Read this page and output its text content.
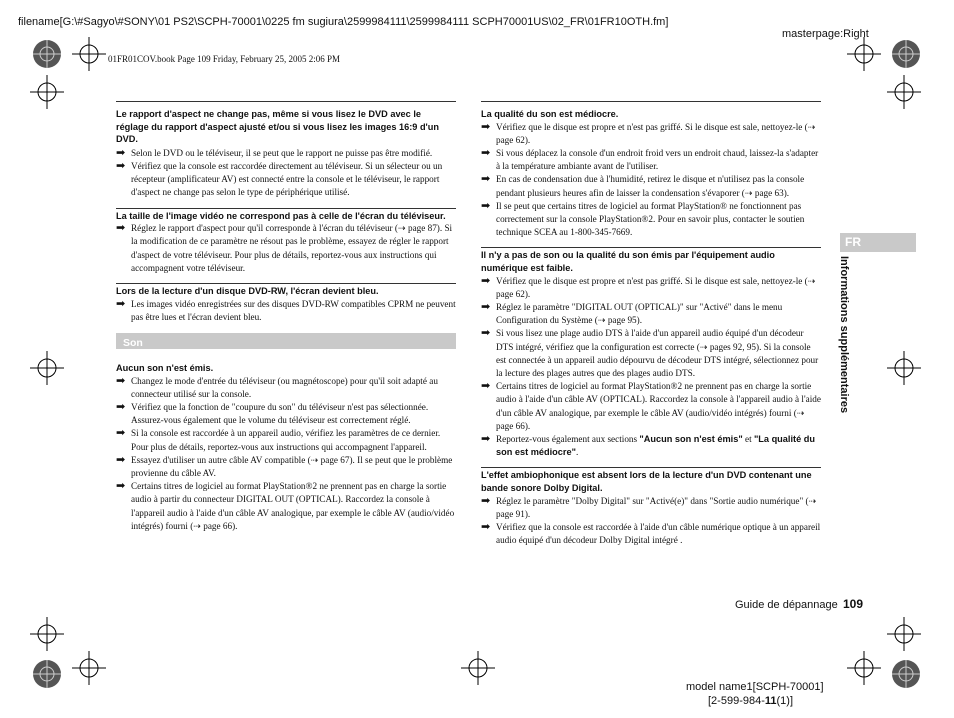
filename[G:\#Sagyo\#SONY\01 PS2\SCPH-70001\0225 fm sugiura\2599984111\2599984111 SCPH70001US\02_FR\01FR10OTH.fm]
masterpage:Right
01FR01COV.book Page 109 Friday, February 25, 2005 2:06 PM
FR
Informations supplémentaires

Le rapport d'aspect ne change pas, même si vous lisez le DVD avec le réglage du rapport d'aspect ajusté et/ou si vous lisez les images 16:9 d'un DVD.

➡ Selon le DVD ou le téléviseur, il se peut que le rapport ne puisse pas être modifié.
➡ Vérifiez que la console est raccordée directement au téléviseur. Si un sélecteur ou un récepteur (amplificateur AV) est connecté entre la console et le téléviseur, le rapport d'aspect ne change pas selon le type de périphérique utilisé.

La taille de l'image vidéo ne correspond pas à celle de l'écran du téléviseur.

➡ Réglez le rapport d'aspect pour qu'il corresponde à l'écran du téléviseur (⇢ page 87). Si la modification de ce paramètre ne résout pas le problème, essayez de régler le rapport d'aspect de votre téléviseur. Pour plus de détails, reportez-vous aux instructions qui accompagnent votre téléviseur.

Lors de la lecture d'un disque DVD-RW, l'écran devient bleu.

➡ Les images vidéo enregistrées sur des disques DVD-RW compatibles CPRM ne peuvent pas être lues et l'écran devient bleu.
Son

Aucun son n'est émis.

➡ Changez le mode d'entrée du téléviseur (ou magnétoscope) pour qu'il soit adapté au connecteur utilisé sur la console.
➡ Vérifiez que la fonction de "coupure du son" du téléviseur n'est pas sélectionnée. Assurez-vous également que le volume du téléviseur est correctement réglé.
➡ Si la console est raccordée à un appareil audio, vérifiez les paramètres de ce dernier. Pour plus de détails, reportez-vous aux instructions qui accompagnent l'appareil.
➡ Essayez d'utiliser un autre câble AV compatible (⇢ page 67). Il se peut que le problème provienne du câble AV.
➡ Certains titres de logiciel au format PlayStation®2 ne prennent pas en charge la sortie audio à partir du connecteur DIGITAL OUT (OPTICAL). Raccordez la console à l'appareil audio à l'aide d'un câble AV analogique, par exemple le câble AV (audio/vidéo intégrés) fourni (⇢ page 66).

La qualité du son est médiocre.

➡ Vérifiez que le disque est propre et n'est pas griffé. Si le disque est sale, nettoyez-le (⇢ page 62).
➡ Si vous déplacez la console d'un endroit froid vers un endroit chaud, laissez-la s'adapter à la température ambiante avant de l'utiliser.
➡ En cas de condensation due à l'humidité, retirez le disque et n'utilisez pas la console pendant plusieurs heures afin de laisser la condensation s'évaporer (⇢ page 63).
➡ Il se peut que certains titres de logiciel au format PlayStation® ne fonctionnent pas correctement sur la console PlayStation®2. Pour en savoir plus, contacter le soutien technique SCEA au 1-800-345-7669.

Il n'y a pas de son ou la qualité du son émis par l'équipement audio numérique est faible.

➡ Vérifiez que le disque est propre et n'est pas griffé. Si le disque est sale, nettoyez-le (⇢ page 62).
➡ Réglez le paramètre "DIGITAL OUT (OPTICAL)" sur "Activé" dans le menu Configuration du Système (⇢ page 95).
➡ Si vous lisez une plage audio DTS à l'aide d'un appareil audio équipé d'un décodeur DTS intégré, vérifiez que la configuration est correcte (⇢ pages 92, 95). Si la console est connectée à un appareil audio dépourvu de décodeur DTS intégré, sélectionnez pour la lecture des plages autres que des plages audio DTS.
➡ Certains titres de logiciel au format PlayStation®2 ne prennent pas en charge la sortie audio à l'aide d'un câble AV (OPTICAL). Raccordez la console à l'appareil audio à l'aide d'un câble AV analogique, par exemple le câble AV (audio/vidéo intégrés) fourni (⇢ page 66).
➡ Reportez-vous également aux sections "Aucun son n'est émis" et "La qualité du son est médiocre".

L'effet ambiophonique est absent lors de la lecture d'un DVD contenant une bande sonore Dolby Digital.

➡ Réglez le paramètre "Dolby Digital" sur "Activé(e)" dans "Sortie audio numérique" (⇢ page 91).
➡ Vérifiez que la console est raccordée à l'aide d'un câble numérique optique à un appareil audio équipé d'un décodeur Dolby Digital intégré .
Guide de dépannage 109
model name1[SCPH-70001]
[2-599-984-11(1)]
